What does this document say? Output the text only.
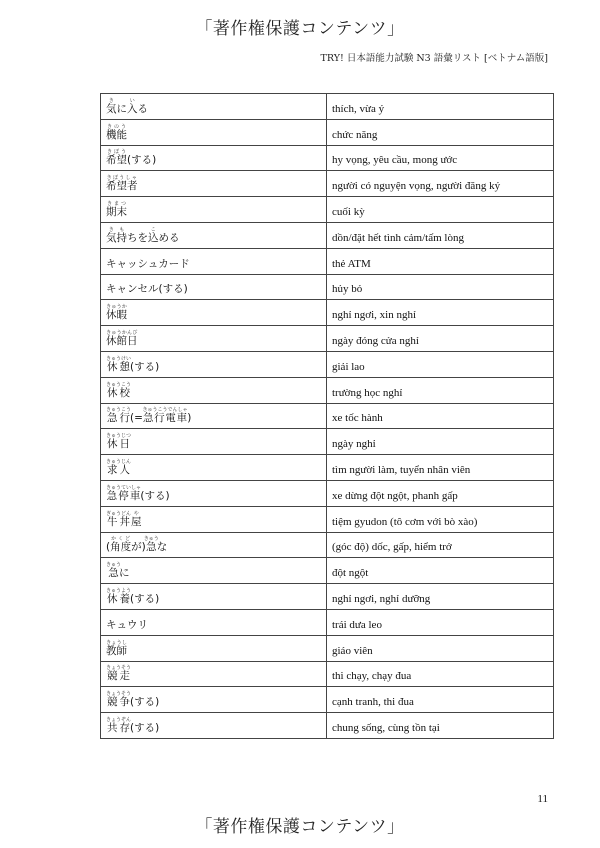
「著作権保護コンテンツ」
TRY! 日本語能力試験 N3 語彙リスト [ベトナム語版]
気きに入いる	thích, vừa ý
機能きのう	chức năng
希望きぼう(する)	hy vọng, yêu cầu, mong ước
希望者きぼうしゃ	người có nguyện vọng, người đăng ký
期末きまつ	cuối kỳ
気き持もちを込こめる	dồn/đặt hết tình cảm/tấm lòng
キャッシュカード	thẻ ATM
キャンセル(する)	hủy bỏ
休暇きゅうか	nghỉ ngơi, xin nghỉ
休館日きゅうかんび	ngày đóng cửa nghỉ
休憩きゅうけい(する)	giải lao
休校きゅうこう	trường học nghỉ
急行きゅうこう(=急行電車きゅうこうでんしゃ)	xe tốc hành
休日きゅうじつ	ngày nghỉ
求人きゅうじん	tìm người làm, tuyển nhân viên
急停車きゅうていしゃ(する)	xe dừng đột ngột, phanh gấp
牛丼ぎゅうどん屋や	tiệm gyudon (tô cơm với bò xào)
(角度かくどが)急きゅうな	(góc độ) dốc, gấp, hiểm trở
急きゅうに	đột ngột
休養きゅうよう(する)	nghỉ ngơi, nghỉ dưỡng
キュウリ	trái dưa leo
教師きょうし	giáo viên
競走きょうそう	thi chạy, chạy đua
競争きょうそう(する)	cạnh tranh, thi đua
共存きょうぞん(する)	chung sống, cùng tồn tại
11
「著作権保護コンテンツ」
